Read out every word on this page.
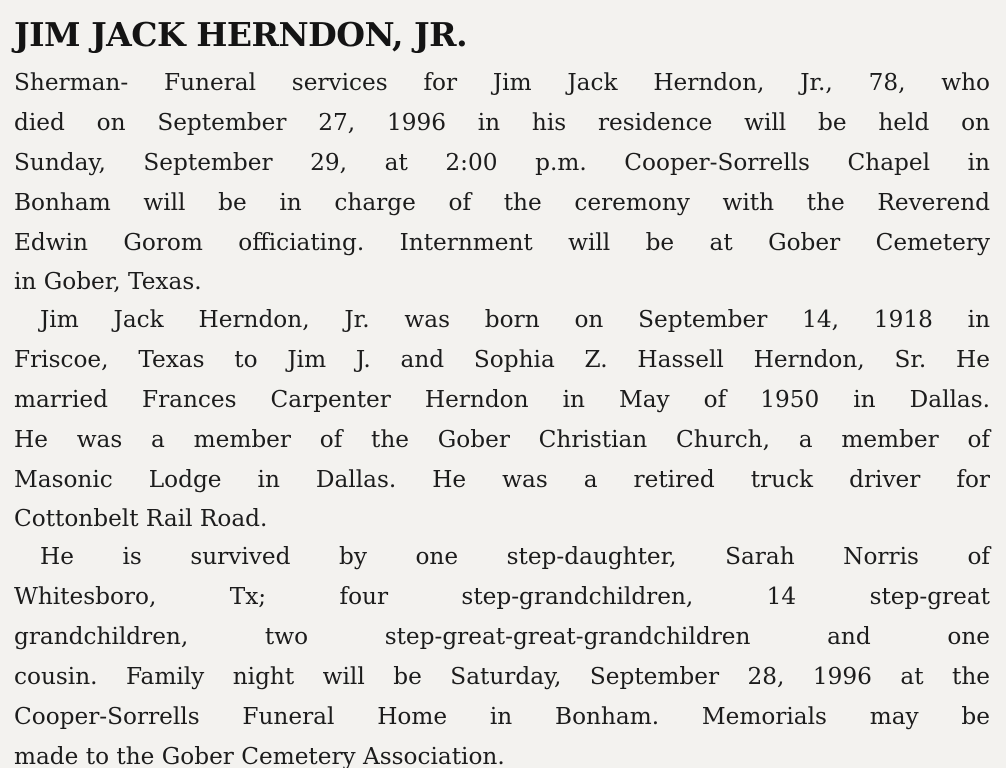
JIM JACK HERNDON, JR.
Sherman- Funeral services for Jim Jack Herndon, Jr., 78, who
died on September 27, 1996 in his residence will be held on
Sunday, September 29, at 2:00 p.m. Cooper-Sorrells Chapel in
Bonham will be in charge of the ceremony with the Reverend
Edwin Gorom officiating. Internment will be at Gober Cemetery
in Gober, Texas.
Jim Jack Herndon, Jr. was born on September 14, 1918 in
Friscoe, Texas to Jim J. and Sophia Z. Hassell Herndon, Sr. He
married Frances Carpenter Herndon in May of 1950 in Dallas.
He was a member of the Gober Christian Church, a member of
Masonic Lodge in Dallas. He was a retired truck driver for
Cottonbelt Rail Road.
He is survived by one step-daughter, Sarah Norris of
Whitesboro, Tx; four step-grandchildren, 14 step-great
grandchildren, two step-great-great-grandchildren and one
cousin. Family night will be Saturday, September 28, 1996 at the
Cooper-Sorrells Funeral Home in Bonham. Memorials may be
made to the Gober Cemetery Association.
